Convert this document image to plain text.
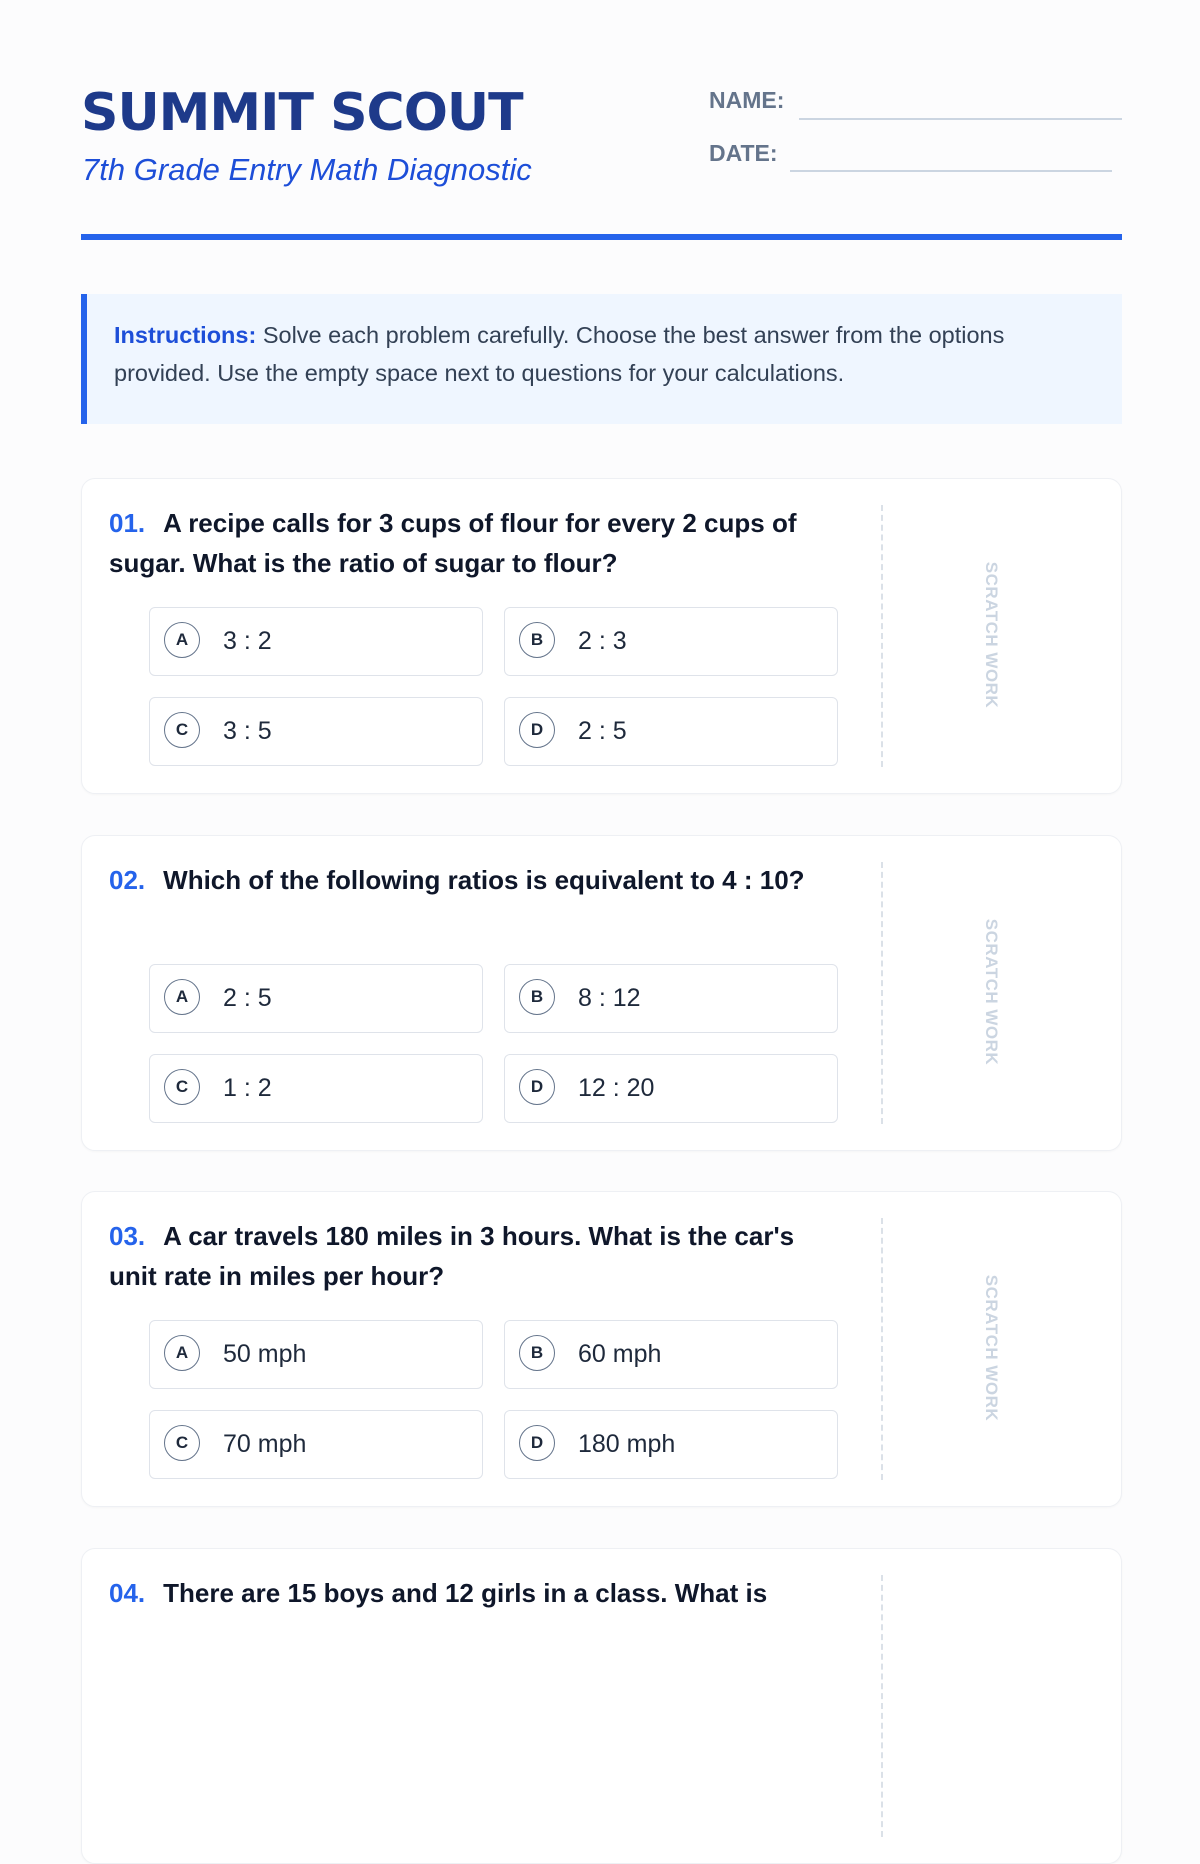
SUMMIT SCOUT

7th Grade Entry Math Diagnostic

NAME:
DATE:

Instructions: Solve each problem carefully. Choose the best answer from the options provided. Use the empty space next to questions for your calculations.

01. A recipe calls for 3 cups of flour for every 2 cups of sugar. What is the ratio of sugar to flour?

A	3 : 2	B	2 : 3
C	3 : 5	D	2 : 5
SCRATCH WORK

02. Which of the following ratios is equivalent to 4 : 10?

A	2 : 5	B	8 : 12
C	1 : 2	D	12 : 20
SCRATCH WORK

03. A car travels 180 miles in 3 hours. What is the car's unit rate in miles per hour?

A	50 mph	B	60 mph
C	70 mph	D	180 mph
SCRATCH WORK

04. There are 15 boys and 12 girls in a class. What is
